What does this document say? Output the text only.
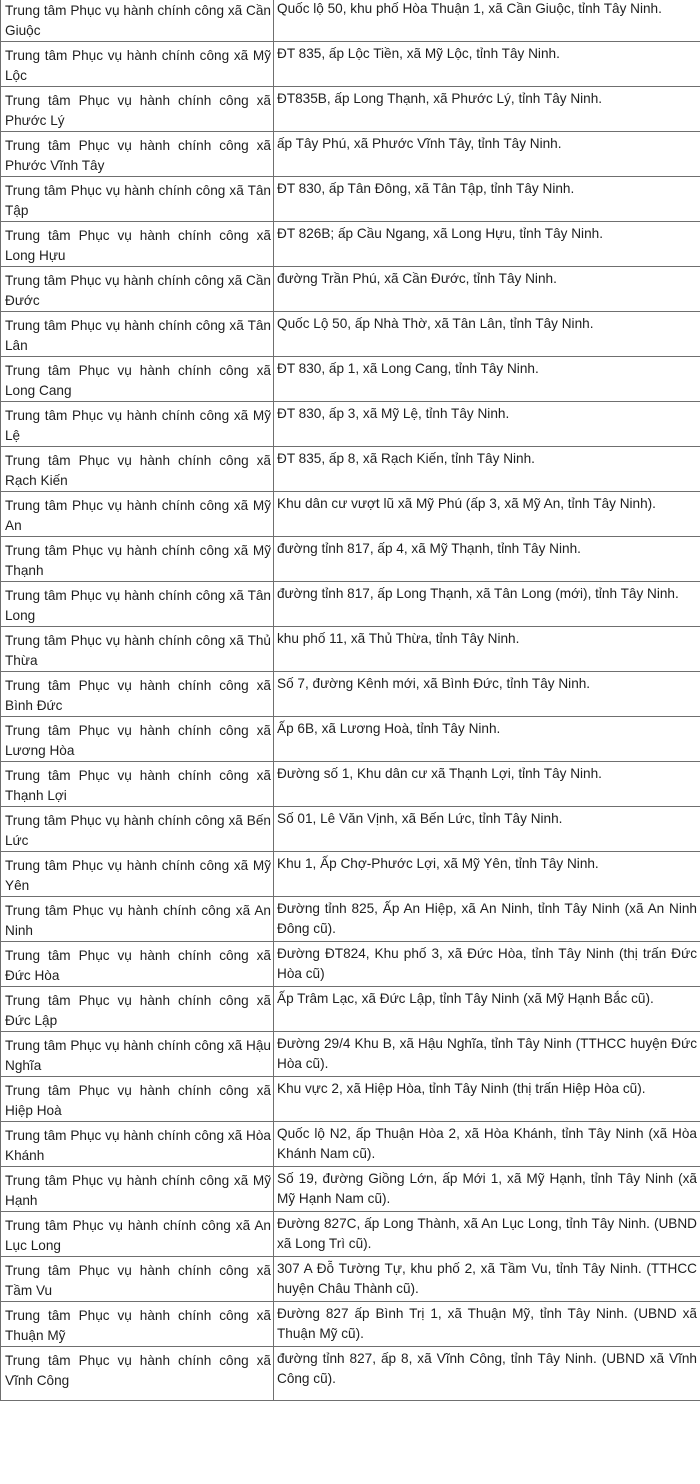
Trung tâm Phục vụ hành chính công xã Cần Giuộc	Quốc lộ 50, khu phố Hòa Thuận 1, xã Cần Giuộc, tỉnh Tây Ninh.
Trung tâm Phục vụ hành chính công xã Mỹ Lộc	ĐT 835, ấp Lộc Tiền, xã Mỹ Lộc, tỉnh Tây Ninh.
Trung tâm Phục vụ hành chính công xã Phước Lý	ĐT835B, ấp Long Thạnh, xã Phước Lý, tỉnh Tây Ninh.
Trung tâm Phục vụ hành chính công xã Phước Vĩnh Tây	ấp Tây Phú, xã Phước Vĩnh Tây, tỉnh Tây Ninh.
Trung tâm Phục vụ hành chính công xã Tân Tập	ĐT 830, ấp Tân Đông, xã Tân Tập, tỉnh Tây Ninh.
Trung tâm Phục vụ hành chính công xã Long Hựu	ĐT 826B; ấp Cầu Ngang, xã Long Hựu, tỉnh Tây Ninh.
Trung tâm Phục vụ hành chính công xã Cần Đước	đường Trần Phú, xã Cần Đước, tỉnh Tây Ninh.
Trung tâm Phục vụ hành chính công xã Tân Lân	Quốc Lộ 50, ấp Nhà Thờ, xã Tân Lân, tỉnh Tây Ninh.
Trung tâm Phục vụ hành chính công xã Long Cang	ĐT 830, ấp 1, xã Long Cang, tỉnh Tây Ninh.
Trung tâm Phục vụ hành chính công xã Mỹ Lệ	ĐT 830, ấp 3, xã Mỹ Lệ, tỉnh Tây Ninh.
Trung tâm Phục vụ hành chính công xã Rạch Kiến	ĐT 835, ấp 8, xã Rạch Kiến, tỉnh Tây Ninh.
Trung tâm Phục vụ hành chính công xã Mỹ An	Khu dân cư vượt lũ xã Mỹ Phú (ấp 3, xã Mỹ An, tỉnh Tây Ninh).
Trung tâm Phục vụ hành chính công xã Mỹ Thạnh	đường tỉnh 817, ấp 4, xã Mỹ Thạnh, tỉnh Tây Ninh.
Trung tâm Phục vụ hành chính công xã Tân Long	đường tỉnh 817, ấp Long Thạnh, xã Tân Long (mới), tỉnh Tây Ninh.
Trung tâm Phục vụ hành chính công xã Thủ Thừa	khu phố 11, xã Thủ Thừa, tỉnh Tây Ninh.
Trung tâm Phục vụ hành chính công xã Bình Đức	Số 7, đường Kênh mới, xã Bình Đức, tỉnh Tây Ninh.
Trung tâm Phục vụ hành chính công xã Lương Hòa	Ấp 6B, xã Lương Hoà, tỉnh Tây Ninh.
Trung tâm Phục vụ hành chính công xã Thạnh Lợi	Đường số 1, Khu dân cư xã Thạnh Lợi, tỉnh Tây Ninh.
Trung tâm Phục vụ hành chính công xã Bến Lức	Số 01, Lê Văn Vịnh, xã Bến Lức, tỉnh Tây Ninh.
Trung tâm Phục vụ hành chính công xã Mỹ Yên	Khu 1, Ấp Chợ-Phước Lợi, xã Mỹ Yên, tỉnh Tây Ninh.
Trung tâm Phục vụ hành chính công xã An Ninh	Đường tỉnh 825, Ấp An Hiệp, xã An Ninh, tỉnh Tây Ninh (xã An Ninh Đông cũ).
Trung tâm Phục vụ hành chính công xã Đức Hòa	Đường ĐT824, Khu phố 3, xã Đức Hòa, tỉnh Tây Ninh (thị trấn Đức Hòa cũ)
Trung tâm Phục vụ hành chính công xã Đức Lập	Ấp Trâm Lạc, xã Đức Lập, tỉnh Tây Ninh (xã Mỹ Hạnh Bắc cũ).
Trung tâm Phục vụ hành chính công xã Hậu Nghĩa	Đường 29/4 Khu B, xã Hậu Nghĩa, tỉnh Tây Ninh (TTHCC huyện Đức Hòa cũ).
Trung tâm Phục vụ hành chính công xã Hiệp Hoà	Khu vực 2, xã Hiệp Hòa, tỉnh Tây Ninh (thị trấn Hiệp Hòa cũ).
Trung tâm Phục vụ hành chính công xã Hòa Khánh	Quốc lộ N2, ấp Thuận Hòa 2, xã Hòa Khánh, tỉnh Tây Ninh (xã Hòa Khánh Nam cũ).
Trung tâm Phục vụ hành chính công xã Mỹ Hạnh	Số 19, đường Giồng Lớn, ấp Mới 1, xã Mỹ Hạnh, tỉnh Tây Ninh (xã Mỹ Hạnh Nam cũ).
Trung tâm Phục vụ hành chính công xã An Lục Long	Đường 827C, ấp Long Thành, xã An Lục Long, tỉnh Tây Ninh. (UBND xã Long Trì cũ).
Trung tâm Phục vụ hành chính công xã Tầm Vu	307 A Đỗ Tường Tự, khu phố 2, xã Tầm Vu, tỉnh Tây Ninh. (TTHCC huyện Châu Thành cũ).
Trung tâm Phục vụ hành chính công xã Thuận Mỹ	Đường 827 ấp Bình Trị 1, xã Thuận Mỹ, tỉnh Tây Ninh. (UBND xã Thuận Mỹ cũ).
Trung tâm Phục vụ hành chính công xã Vĩnh Công	đường tỉnh 827, ấp 8, xã Vĩnh Công, tỉnh Tây Ninh. (UBND xã Vĩnh Công cũ).
